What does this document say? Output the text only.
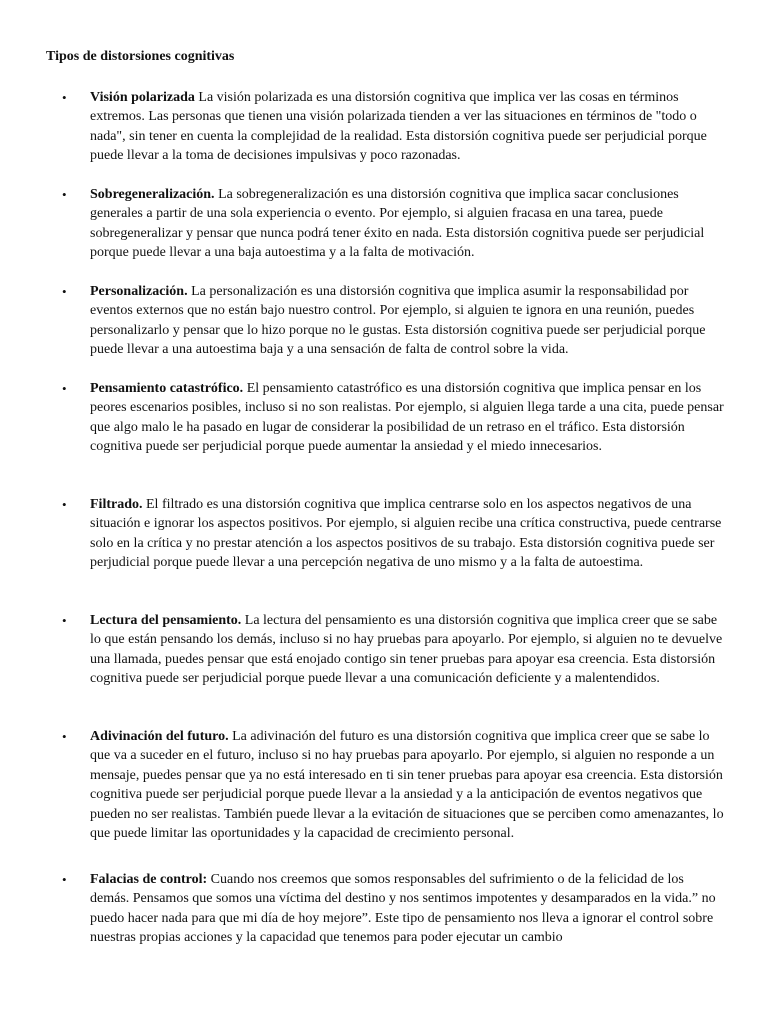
Tipos de distorsiones cognitivas
•	Visión polarizada La visión polarizada es una distorsión cognitiva que implica ver las cosas en términos extremos. Las personas que tienen una visión polarizada tienden a ver las situaciones en términos de "todo o nada", sin tener en cuenta la complejidad de la realidad. Esta distorsión cognitiva puede ser perjudicial porque puede llevar a la toma de decisiones impulsivas y poco razonadas.
•	Sobregeneralización. La sobregeneralización es una distorsión cognitiva que implica sacar conclusiones generales a partir de una sola experiencia o evento. Por ejemplo, si alguien fracasa en una tarea, puede sobregeneralizar y pensar que nunca podrá tener éxito en nada. Esta distorsión cognitiva puede ser perjudicial porque puede llevar a una baja autoestima y a la falta de motivación.
•	Personalización. La personalización es una distorsión cognitiva que implica asumir la responsabilidad por eventos externos que no están bajo nuestro control. Por ejemplo, si alguien te ignora en una reunión, puedes personalizarlo y pensar que lo hizo porque no le gustas. Esta distorsión cognitiva puede ser perjudicial porque puede llevar a una autoestima baja y a una sensación de falta de control sobre la vida.
•	Pensamiento catastrófico. El pensamiento catastrófico es una distorsión cognitiva que implica pensar en los peores escenarios posibles, incluso si no son realistas. Por ejemplo, si alguien llega tarde a una cita, puede pensar que algo malo le ha pasado en lugar de considerar la posibilidad de un retraso en el tráfico. Esta distorsión cognitiva puede ser perjudicial porque puede aumentar la ansiedad y el miedo innecesarios.
•	Filtrado. El filtrado es una distorsión cognitiva que implica centrarse solo en los aspectos negativos de una situación e ignorar los aspectos positivos. Por ejemplo, si alguien recibe una crítica constructiva, puede centrarse solo en la crítica y no prestar atención a los aspectos positivos de su trabajo. Esta distorsión cognitiva puede ser perjudicial porque puede llevar a una percepción negativa de uno mismo y a la falta de autoestima.
•	Lectura del pensamiento. La lectura del pensamiento es una distorsión cognitiva que implica creer que se sabe lo que están pensando los demás, incluso si no hay pruebas para apoyarlo. Por ejemplo, si alguien no te devuelve una llamada, puedes pensar que está enojado contigo sin tener pruebas para apoyar esa creencia. Esta distorsión cognitiva puede ser perjudicial porque puede llevar a una comunicación deficiente y a malentendidos.
•	Adivinación del futuro. La adivinación del futuro es una distorsión cognitiva que implica creer que se sabe lo que va a suceder en el futuro, incluso si no hay pruebas para apoyarlo. Por ejemplo, si alguien no responde a un mensaje, puedes pensar que ya no está interesado en ti sin tener pruebas para apoyar esa creencia. Esta distorsión cognitiva puede ser perjudicial porque puede llevar a la ansiedad y a la anticipación de eventos negativos que pueden no ser realistas. También puede llevar a la evitación de situaciones que se perciben como amenazantes, lo que puede limitar las oportunidades y la capacidad de crecimiento personal.
•	Falacias de control: Cuando nos creemos que somos responsables del sufrimiento o de la felicidad de los demás. Pensamos que somos una víctima del destino y nos sentimos impotentes y desamparados en la vida.” no puedo hacer nada para que mi día de hoy mejore”. Este tipo de pensamiento nos lleva a ignorar el control sobre nuestras propias acciones y la capacidad que tenemos para poder ejecutar un cambio
